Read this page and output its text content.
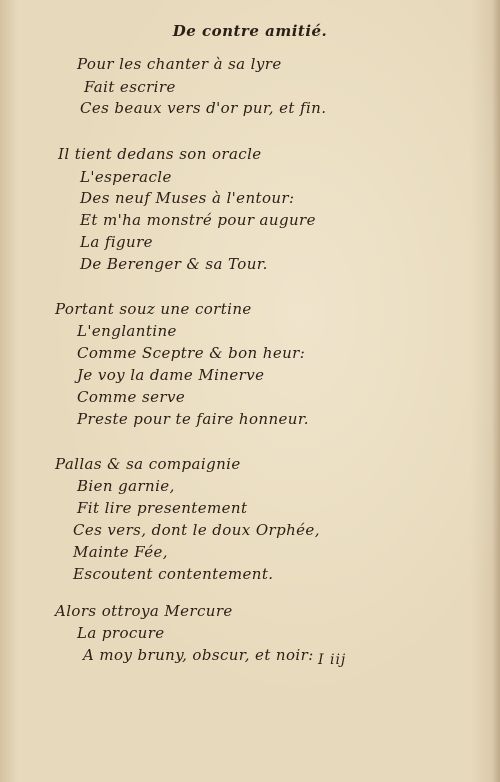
De contre amitié.
Pour les chanter à sa lyre
Fait escrire
Ces beaux vers d'or pur, et fin.
Il tient dedans son oracle
L'esperacle
Des neuf Muses à l'entour:
Et m'ha monstré pour augure
La figure
De Berenger & sa Tour.
Portant souz une cortine
L'englantine
Comme Sceptre & bon heur:
Je voy la dame Minerve
Comme serve
Preste pour te faire honneur.
Pallas & sa compaignie
Bien garnie,
Fit lire presentement
Ces vers, dont le doux Orphée,
Mainte Fée,
Escoutent contentement.
Alors ottroya Mercure
La procure
A moy bruny, obscur, et noir: I iij
